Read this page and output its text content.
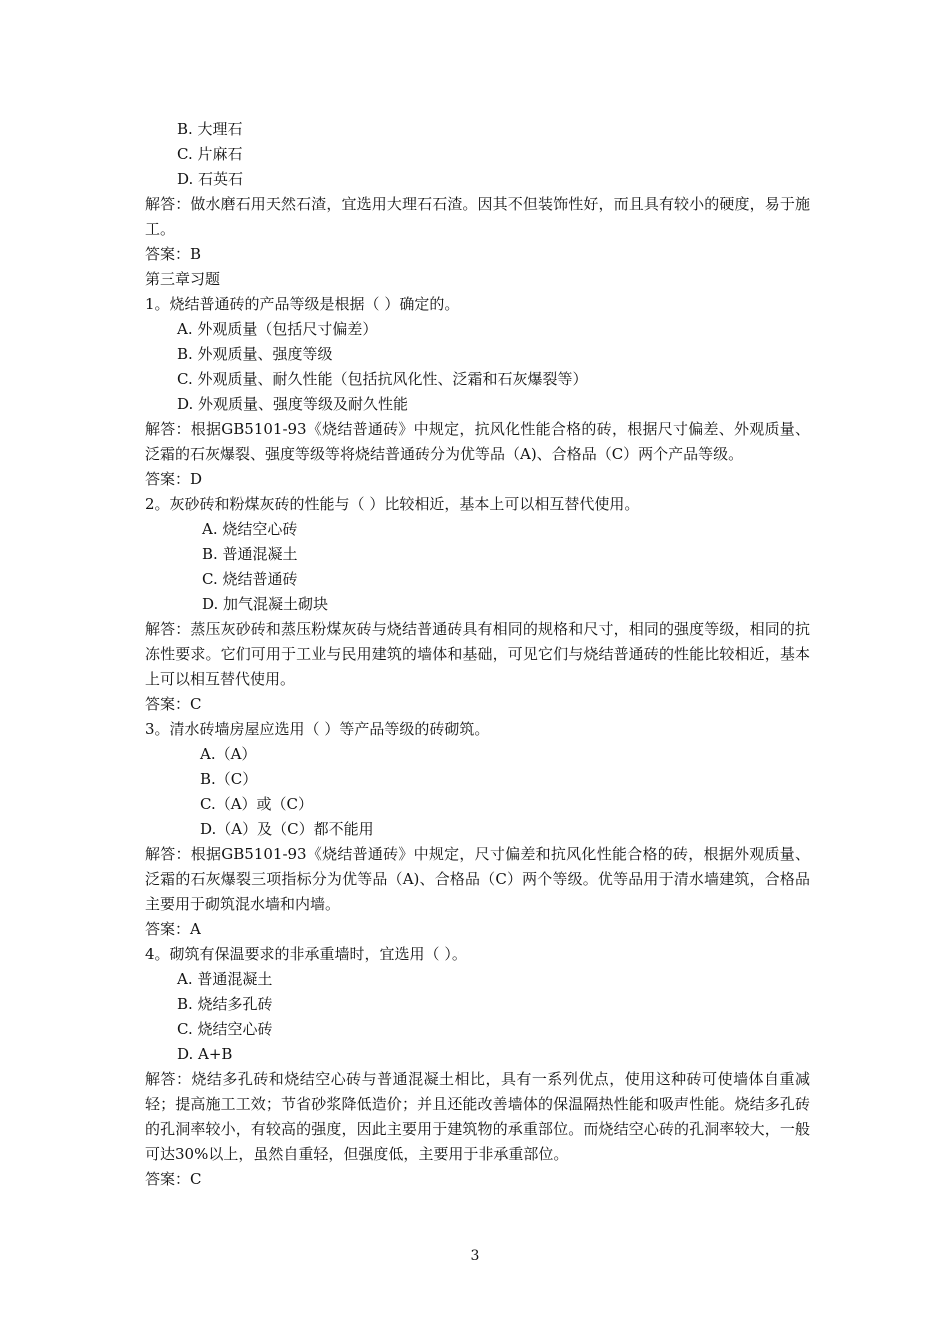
B. 大理石
C. 片麻石
D. 石英石
解答：做水磨石用天然石渣，宜选用大理石石渣。因其不但装饰性好，而且具有较小的硬度，易于施工。
答案：B
第三章习题
1。烧结普通砖的产品等级是根据（ ）确定的。
A. 外观质量（包括尺寸偏差）
B. 外观质量、强度等级
C. 外观质量、耐久性能（包括抗风化性、泛霜和石灰爆裂等）
D. 外观质量、强度等级及耐久性能
解答：根据GB5101-93《烧结普通砖》中规定，抗风化性能合格的砖，根据尺寸偏差、外观质量、泛霜的石灰爆裂、强度等级等将烧结普通砖分为优等品（A)、合格品（C）两个产品等级。
答案：D
2。灰砂砖和粉煤灰砖的性能与（ ）比较相近，基本上可以相互替代使用。
A. 烧结空心砖
B. 普通混凝土
C. 烧结普通砖
D. 加气混凝土砌块
解答：蒸压灰砂砖和蒸压粉煤灰砖与烧结普通砖具有相同的规格和尺寸，相同的强度等级，相同的抗冻性要求。它们可用于工业与民用建筑的墙体和基础，可见它们与烧结普通砖的性能比较相近，基本上可以相互替代使用。
答案：C
3。清水砖墙房屋应选用（ ）等产品等级的砖砌筑。
A.（A）
B.（C）
C.（A）或（C）
D.（A）及（C）都不能用
解答：根据GB5101-93《烧结普通砖》中规定，尺寸偏差和抗风化性能合格的砖，根据外观质量、泛霜的石灰爆裂三项指标分为优等品（A)、合格品（C）两个等级。优等品用于清水墙建筑，合格品主要用于砌筑混水墙和内墙。
答案：A
4。砌筑有保温要求的非承重墙时，宜选用（ ）。
A. 普通混凝土
B. 烧结多孔砖
C. 烧结空心砖
D. A+B
解答：烧结多孔砖和烧结空心砖与普通混凝土相比，具有一系列优点，使用这种砖可使墙体自重减轻；提高施工工效；节省砂浆降低造价；并且还能改善墙体的保温隔热性能和吸声性能。烧结多孔砖的孔洞率较小，有较高的强度，因此主要用于建筑物的承重部位。而烧结空心砖的孔洞率较大，一般可达30%以上，虽然自重轻，但强度低，主要用于非承重部位。
答案：C
3
